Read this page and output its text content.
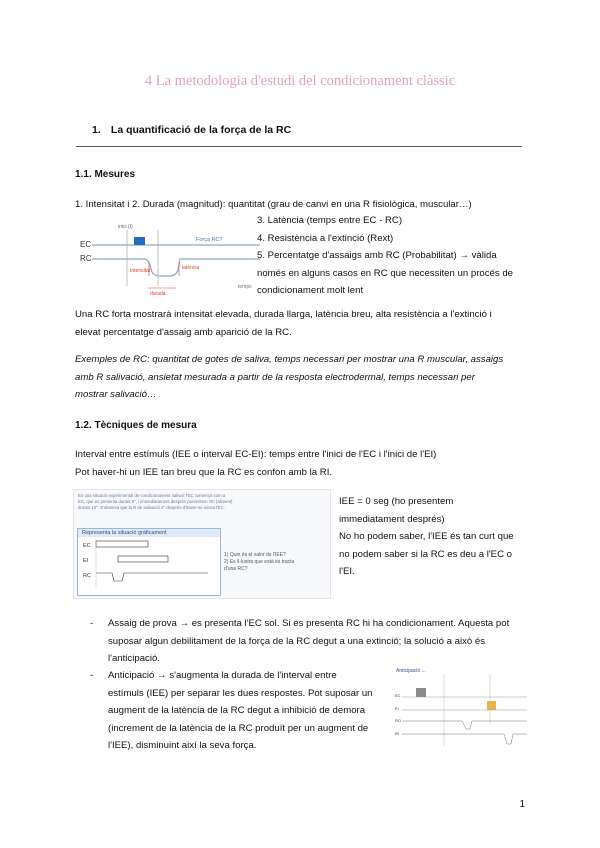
4 La metodologia d'estudi del condicionament clàssic
1. La quantificació de la força de la RC
1.1. Mesures
1. Intensitat i 2. Durada (magnitud): quantitat (grau de canvi en una R fisiològica, muscular…)
inici (t)
EC	Força RC?
RC
Intensitat	latència
durada
temps
3. Latència (temps entre EC - RC)
4. Resistència a l'extinció (Rext)
5. Percentatge d'assaigs amb RC (Probabilitat) → vàlida
només en alguns casos en RC que necessiten un procés de
condicionament molt lent
Una RC forta mostrarà intensitat elevada, durada llarga, latència breu, alta resistència a l'extinció i
elevat percentatge d'assaig amb aparició de la RC.
Exemples de RC: quantitat de gotes de saliva, temps necessari per mostrar una R muscular, assaigs
amb R salivació, ansietat mesurada a partir de la resposta electrodermal, temps necessari per
mostrar salivació…
1.2. Tècniques de mesura
Interval entre estímuls (IEE o interval EC-EI): temps entre l'inici de l'EC i l'inici de l'EI)
Pot haver-hi un IEE tan breu que la RC es confon amb la RI.
En una situació experimental de condicionament salival, l'EC comença com a
EC, que es presenta durant 5", i immediatament després presentem l'EI (aliment)
durant 10". S'observa que la R de salivació 2" després d'haver-se iniciat l'EC.
Representa la situació gràficament
EC
EI
RC
1) Quin és el valor de l'IEE?
2) Es il·lustra que està es tracta
d'una RC?
IEE = 0 seg (ho presentem
immediatament després)
No ho podem saber, l'IEE és tan curt que
no podem saber si la RC es deu a l'EC o
l'EI.
- Assaig de prova → es presenta l'EC sol. Si es presenta RC hi ha condicionament. Aquesta pot
suposar algun debilitament de la força de la RC degut a una extinció; la solució a això és
l'anticipació.
- Anticipació → s'augmenta la durada de l'interval entre
estímuls (IEE) per separar les dues respostes. Pot suposar un
augment de la latència de la RC degut a inhibició de demora
(increment de la latència de la RC produït per un augment de
l'IEE), disminuint així la seva força.
Anticipació ...
EC
EI
RO
RI
1
